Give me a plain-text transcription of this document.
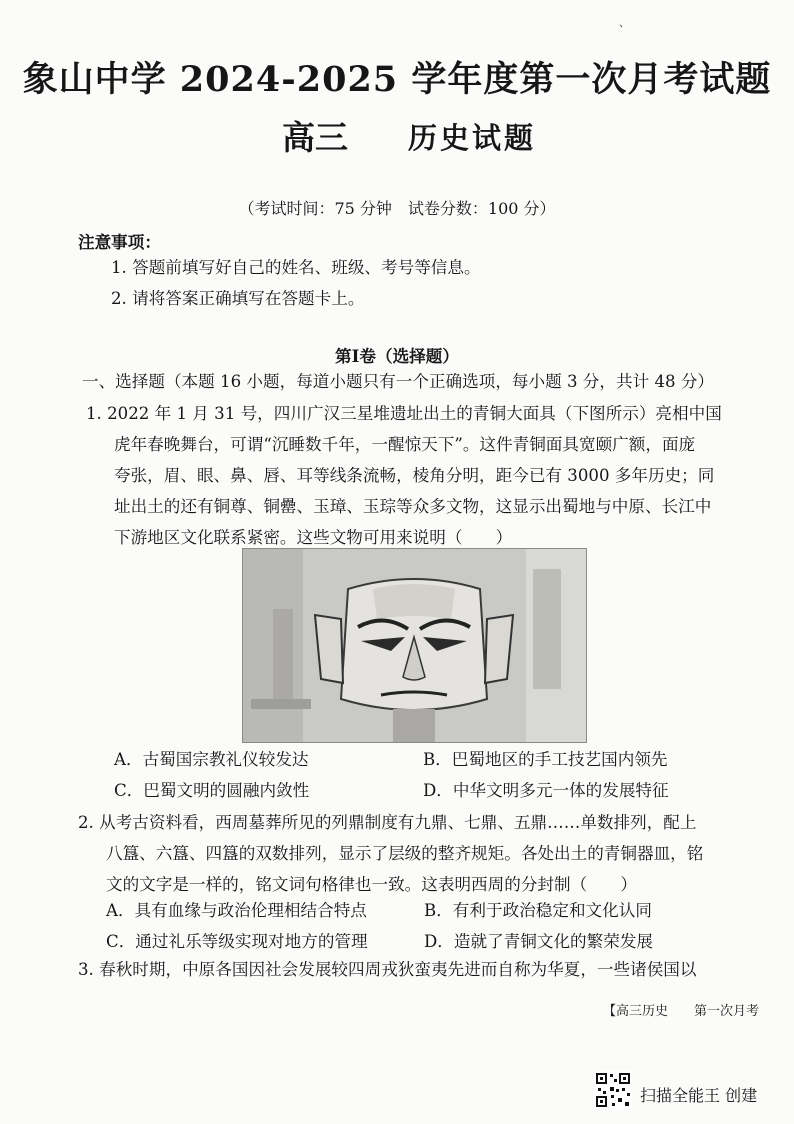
、
象山中学 2024-2025 学年度第一次月考试题
高三 历史试题
（考试时间：75 分钟　试卷分数：100 分）
注意事项：
1. 答题前填写好自己的姓名、班级、考号等信息。
2. 请将答案正确填写在答题卡上。
第Ⅰ卷（选择题）
一、选择题（本题 16 小题，每道小题只有一个正确选项，每小题 3 分，共计 48 分）
1. 2022 年 1 月 31 号，四川广汉三星堆遗址出土的青铜大面具（下图所示）亮相中国
虎年春晚舞台，可谓“沉睡数千年，一醒惊天下”。这件青铜面具宽颐广额，面庞
夸张，眉、眼、鼻、唇、耳等线条流畅，棱角分明，距今已有 3000 多年历史；同
址出土的还有铜尊、铜罍、玉璋、玉琮等众多文物，这显示出蜀地与中原、长江中
下游地区文化联系紧密。这些文物可用来说明（　　）
A．古蜀国宗教礼仪较发达	B．巴蜀地区的手工技艺国内领先
C．巴蜀文明的圆融内敛性	D．中华文明多元一体的发展特征
2. 从考古资料看，西周墓葬所见的列鼎制度有九鼎、七鼎、五鼎……单数排列，配上
八簋、六簋、四簋的双数排列，显示了层级的整齐规矩。各处出土的青铜器皿，铭
文的文字是一样的，铭文词句格律也一致。这表明西周的分封制（　　）
A．具有血缘与政治伦理相结合特点	B．有利于政治稳定和文化认同
C．通过礼乐等级实现对地方的管理	D．造就了青铜文化的繁荣发展
3. 春秋时期，中原各国因社会发展较四周戎狄蛮夷先进而自称为华夏，一些诸侯国以
【高三历史　　第一次月考
扫描全能王 创建
